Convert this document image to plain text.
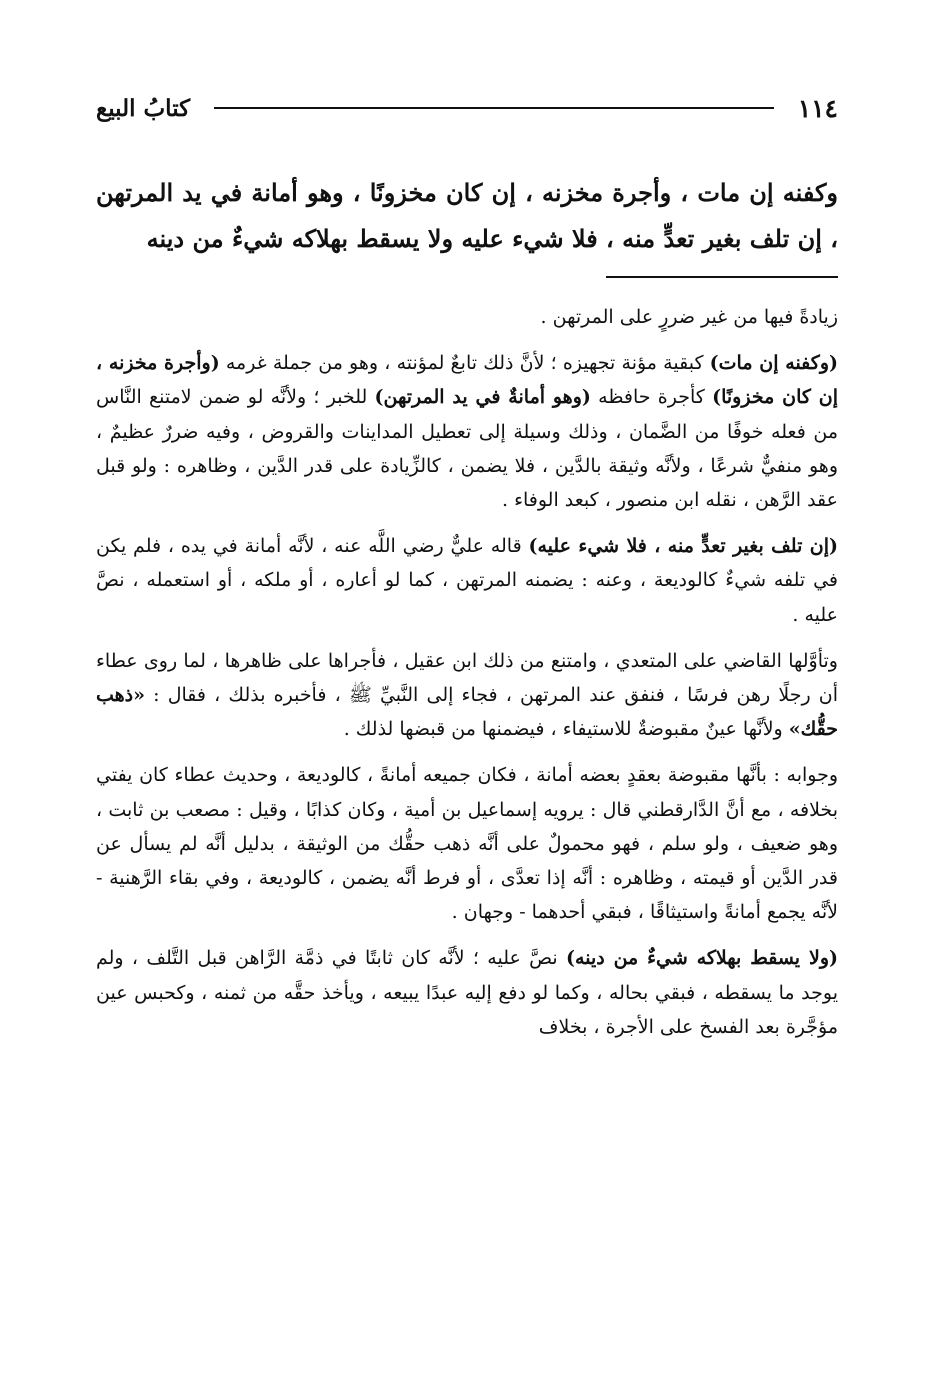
١١٤
كتابُ البيع

وكفنه إن مات ، وأجرة مخزنه ، إن كان مخزونًا ، وهو أمانة في يد المرتهن ، إن تلف بغير تعدٍّ منه ، فلا شيء عليه ولا يسقط بهلاكه شيءٌ من دينه

زيادةً فيها من غير ضررٍ على المرتهن .

(وكفنه إن مات) كبقية مؤنة تجهيزه ؛ لأنَّ ذلك تابعٌ لمؤنته ، وهو من جملة غرمه (وأجرة مخزنه ، إن كان مخزونًا) كأجرة حافظه (وهو أمانةٌ في يد المرتهن) للخبر ؛ ولأنَّه لو ضمن لامتنع النَّاس من فعله خوفًا من الضَّمان ، وذلك وسيلة إلى تعطيل المداينات والقروض ، وفيه ضررٌ عظيمٌ ، وهو منفيٌّ شرعًا ، ولأنَّه وثيقة بالدَّين ، فلا يضمن ، كالزِّيادة على قدر الدَّين ، وظاهره : ولو قبل عقد الرَّهن ، نقله ابن منصور ، كبعد الوفاء .

(إن تلف بغير تعدٍّ منه ، فلا شيء عليه) قاله عليٌّ رضي اللَّه عنه ، لأنَّه أمانة في يده ، فلم يكن في تلفه شيءٌ كالوديعة ، وعنه : يضمنه المرتهن ، كما لو أعاره ، أو ملكه ، أو استعمله ، نصَّ عليه .

وتأوَّلها القاضي على المتعدي ، وامتنع من ذلك ابن عقيل ، فأجراها على ظاهرها ، لما روى عطاء أن رجلًا رهن فرسًا ، فنفق عند المرتهن ، فجاء إلى النَّبيِّ ﷺ ، فأخبره بذلك ، فقال : «ذهب حقُّك» ولأنَّها عينٌ مقبوضةٌ للاستيفاء ، فيضمنها من قبضها لذلك .

وجوابه : بأنَّها مقبوضة بعقدٍ بعضه أمانة ، فكان جميعه أمانةً ، كالوديعة ، وحديث عطاء كان يفتي بخلافه ، مع أنَّ الدَّارقطني قال : يرويه إسماعيل بن أمية ، وكان كذابًا ، وقيل : مصعب بن ثابت ، وهو ضعيف ، ولو سلم ، فهو محمولٌ على أنَّه ذهب حقُّك من الوثيقة ، بدليل أنَّه لم يسأل عن قدر الدَّين أو قيمته ، وظاهره : أنَّه إذا تعدَّى ، أو فرط أنَّه يضمن ، كالوديعة ، وفي بقاء الرَّهنية - لأنَّه يجمع أمانةً واستيثاقًا ، فبقي أحدهما - وجهان .

(ولا يسقط بهلاكه شيءٌ من دينه) نصَّ عليه ؛ لأنَّه كان ثابتًا في ذمَّة الرَّاهن قبل التَّلف ، ولم يوجد ما يسقطه ، فبقي بحاله ، وكما لو دفع إليه عبدًا يبيعه ، ويأخذ حقَّه من ثمنه ، وكحبس عين مؤجَّرة بعد الفسخ على الأجرة ، بخلاف
